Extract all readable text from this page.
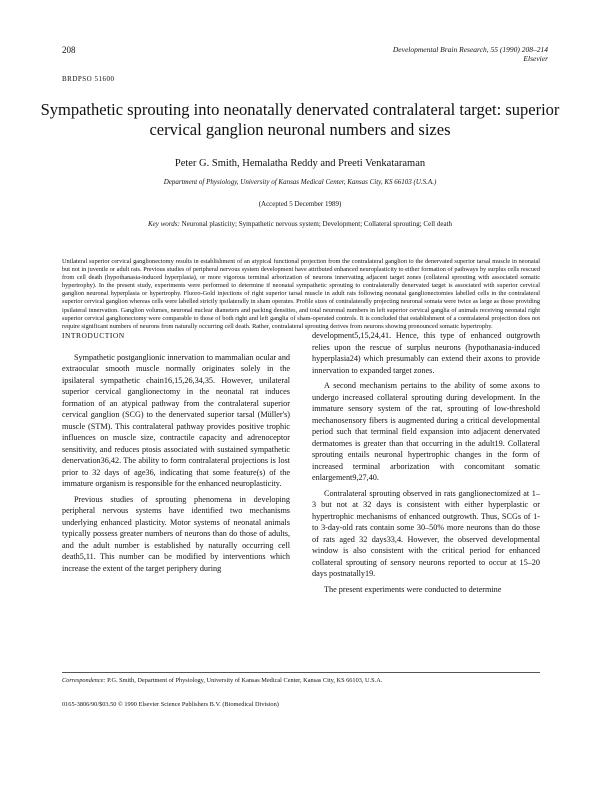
208	Developmental Brain Research, 55 (1990) 208–214
Elsevier
BRDPSO 51600
Sympathetic sprouting into neonatally denervated contralateral target: superior cervical ganglion neuronal numbers and sizes
Peter G. Smith, Hemalatha Reddy and Preeti Venkataraman
Department of Physiology, University of Kansas Medical Center, Kansas City, KS 66103 (U.S.A.)
(Accepted 5 December 1989)
Key words: Neuronal plasticity; Sympathetic nervous system; Development; Collateral sprouting; Cell death
Unilateral superior cervical ganglionectomy results in establishment of an atypical functional projection from the contralateral ganglion to the denervated superior tarsal muscle in neonatal but not in juvenile or adult rats. Previous studies of peripheral nervous system development have attributed enhanced neuroplasticity to either formation of pathways by surplus cells rescued from cell death (hypothanasia-induced hyperplasia), or more vigorous terminal arborization of neurons innervating adjacent target zones (collateral sprouting with associated somatic hypertrophy). In the present study, experiments were performed to determine if neonatal sympathetic sprouting to contralaterally denervated target is associated with superior cervical ganglion neuronal hyperplasia or hypertrophy. Fluoro-Gold injections of right superior tarsal muscle in adult rats following neonatal ganglionectomies labelled cells in the contralateral superior cervical ganglion whereas cells were labelled strictly ipsilaterally in sham operates. Profile sizes of contralaterally projecting neuronal somata were twice as large as those providing ipsilateral innervation. Ganglion volumes, neuronal nuclear diameters and packing densities, and total neuronal numbers in left superior cervical ganglia of animals receiving neonatal right superior cervical ganglionectomy were comparable to those of both right and left ganglia of sham-operated controls. It is concluded that establishment of a contralateral projection does not require significant numbers of neurons from naturally occurring cell death. Rather, contralateral sprouting derives from neurons showing pronounced somatic hypertrophy.

INTRODUCTION

Sympathetic postganglionic innervation to mammalian ocular and extraocular smooth muscle normally originates solely in the ipsilateral sympathetic chain16,15,26,34,35. However, unilateral superior cervical ganglionectomy in the neonatal rat induces formation of an atypical pathway from the contralateral superior cervical ganglion (SCG) to the denervated superior tarsal (Müller's) muscle (STM). This contralateral pathway provides positive trophic influences on muscle size, contractile capacity and adrenoceptor sensitivity, and reduces ptosis associated with sustained sympathetic denervation36,42. The ability to form contralateral projections is lost prior to 32 days of age36, indicating that some feature(s) of the immature organism is responsible for the enhanced neuroplasticity.

Previous studies of sprouting phenomena in developing peripheral nervous systems have identified two mechanisms underlying enhanced plasticity. Motor systems of neonatal animals typically possess greater numbers of neurons than do those of adults, and the adult number is established by naturally occurring cell death5,11. This number can be modified by interventions which increase the extent of the target periphery during

development5,15,24,41. Hence, this type of enhanced outgrowth relies upon the rescue of surplus neurons (hypothanasia-induced hyperplasia24) which presumably can extend their axons to provide innervation to expanded target zones.

A second mechanism pertains to the ability of some axons to undergo increased collateral sprouting during development. In the immature sensory system of the rat, sprouting of low-threshold mechanosensory fibers is augmented during a critical developmental period such that terminal field expansion into adjacent denervated dermatomes is greater than that occurring in the adult19. Collateral sprouting entails neuronal hypertrophic changes in the form of increased terminal arborization with concomitant somatic enlargement9,27,40.

Contralateral sprouting observed in rats ganglionectomized at 1–3 but not at 32 days is consistent with either hyperplastic or hypertrophic mechanisms of enhanced outgrowth. Thus, SCGs of 1- to 3-day-old rats contain some 30–50% more neurons than do those of rats aged 32 days33,4. However, the observed developmental window is also consistent with the critical period for enhanced collateral sprouting of sensory neurons reported to occur at 15–20 days postnatally19.

The present experiments were conducted to determine

Correspondence: P.G. Smith, Department of Physiology, University of Kansas Medical Center, Kansas City, KS 66103, U.S.A.
0165-3806/90/$03.50 © 1990 Elsevier Science Publishers B.V. (Biomedical Division)
